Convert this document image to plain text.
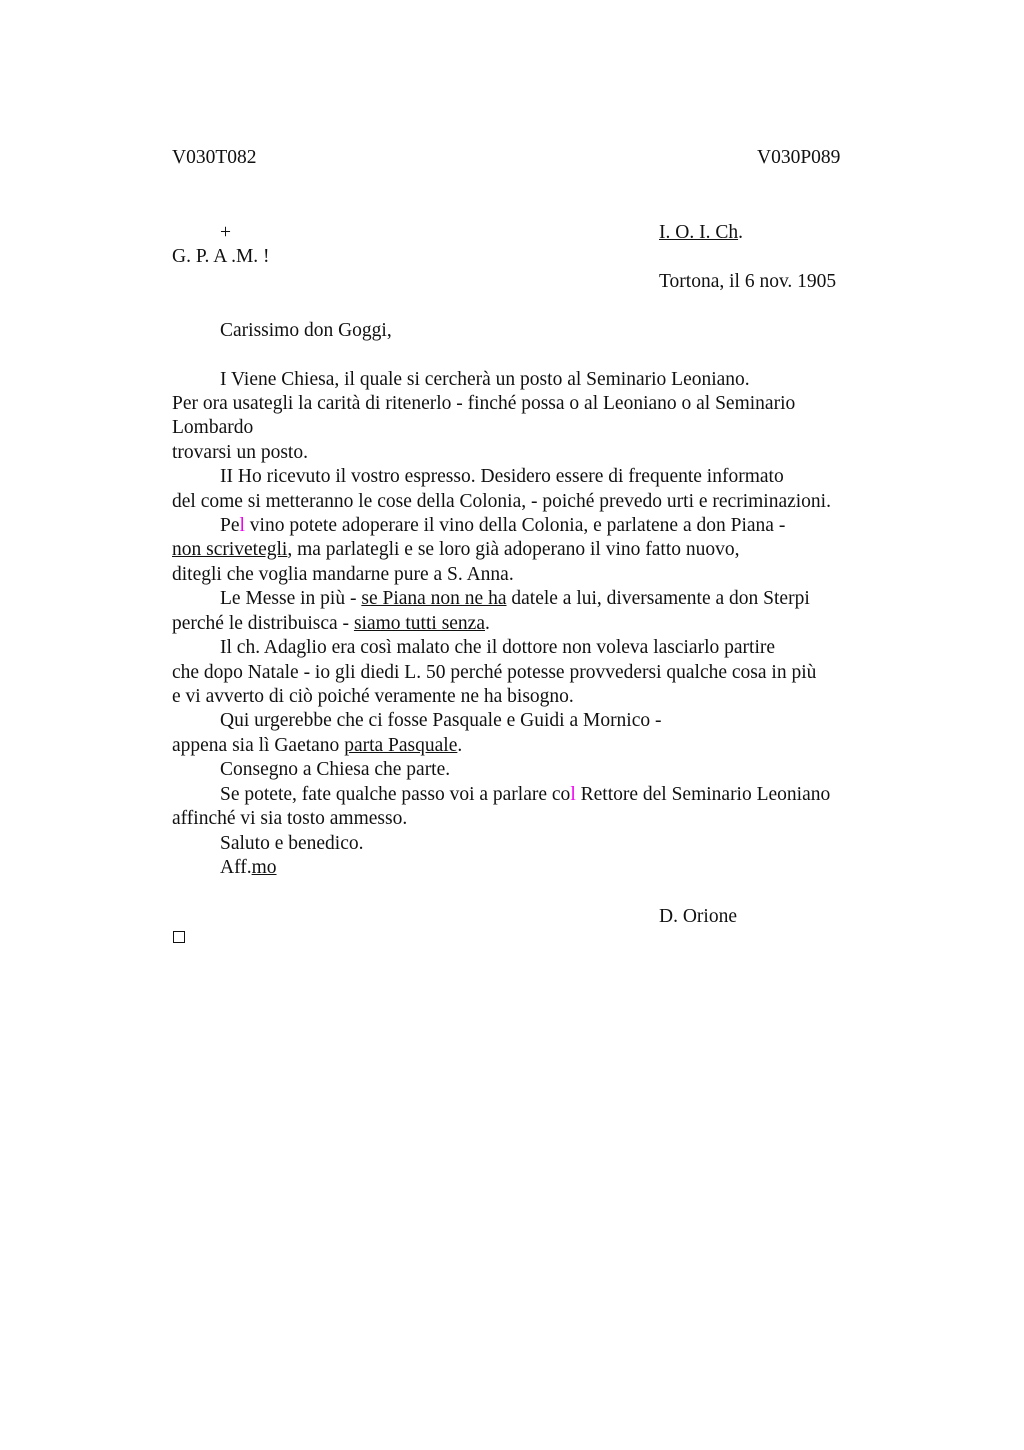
V030T082	V030P089
+	I. O. I. Ch.
G. P. A .M. !
Tortona, il 6 nov. 1905
Carissimo don Goggi,
I Viene Chiesa, il quale si cercherà un posto al Seminario Leoniano.
Per ora usategli la carità di ritenerlo - finché possa o al Leoniano o al Seminario
Lombardo
trovarsi un posto.
II Ho ricevuto il vostro espresso. Desidero essere di frequente informato
del come si metteranno le cose della Colonia, - poiché prevedo urti e recriminazioni.
Pel vino potete adoperare il vino della Colonia, e parlatene a don Piana -
non scrivetegli, ma parlategli e se loro già adoperano il vino fatto nuovo,
ditegli che voglia mandarne pure a S. Anna.
Le Messe in più - se Piana non ne ha datele a lui, diversamente a don Sterpi
perché le distribuisca - siamo tutti senza.
Il ch. Adaglio era così malato che il dottore non voleva lasciarlo partire
che dopo Natale - io gli diedi L. 50 perché potesse provvedersi qualche cosa in più
e vi avverto di ciò poiché veramente ne ha bisogno.
Qui urgerebbe che ci fosse Pasquale e Guidi a Mornico -
appena sia lì Gaetano parta Pasquale.
Consegno a Chiesa che parte.
Se potete, fate qualche passo voi a parlare col Rettore del Seminario Leoniano
affinché vi sia tosto ammesso.
Saluto e benedico.
Aff.mo
D. Orione
